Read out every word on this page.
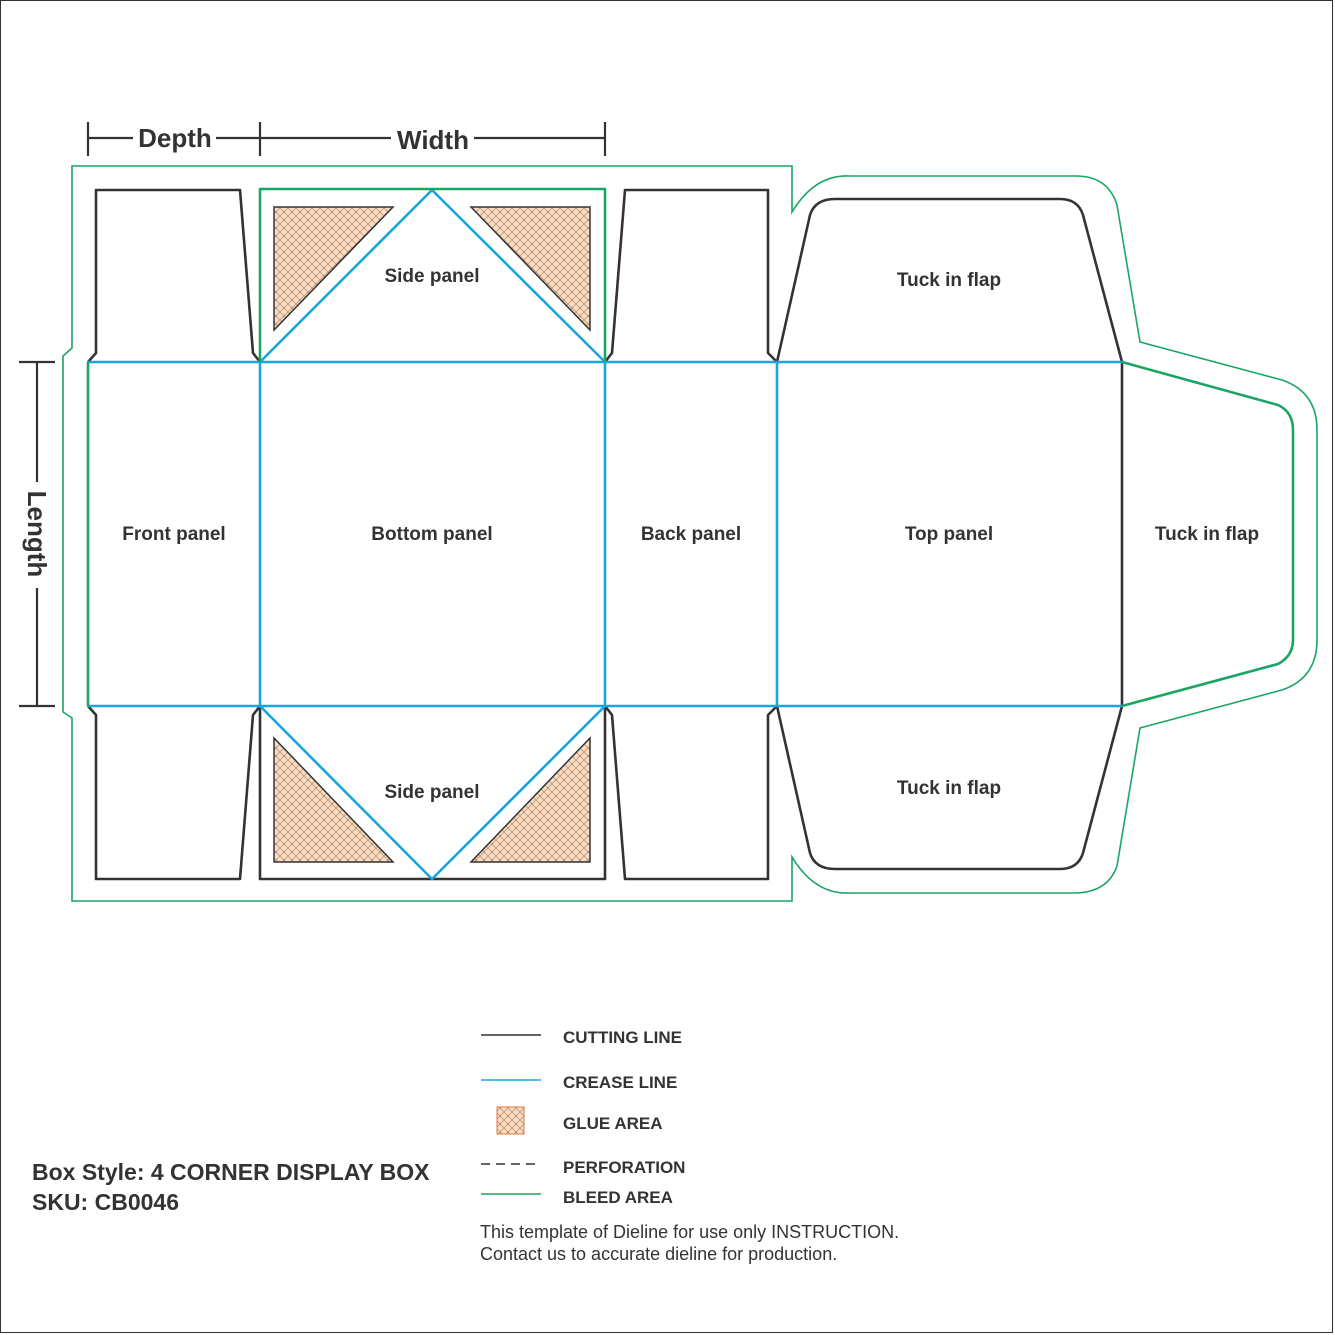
Depth	Width
Length
Side panel
Side panel
Front panel	Bottom panel	Back panel	Top panel
Tuck in flap
Tuck in flap
Tuck in flap
CUTTING LINE
CREASE LINE
GLUE AREA
PERFORATION
BLEED AREA
Box Style: 4 CORNER DISPLAY BOX
SKU: CB0046
This template of Dieline for use only INSTRUCTION.
Contact us to accurate dieline for production.
